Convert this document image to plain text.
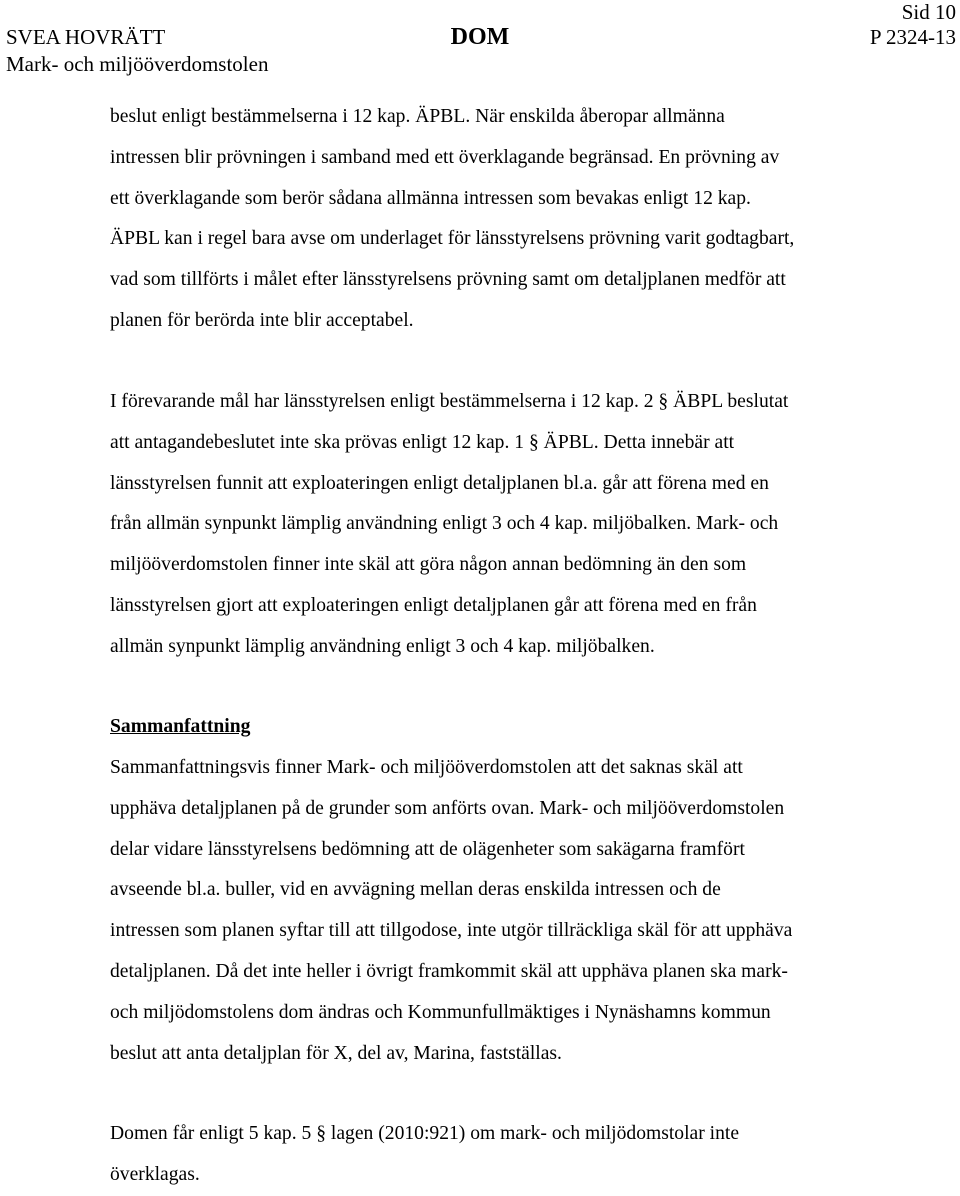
SVEA HOVRÄTT
Mark- och miljööverdomstolen
DOM
Sid 10
P 2324-13

beslut enligt bestämmelserna i 12 kap. ÄPBL. När enskilda åberopar allmänna
intressen blir prövningen i samband med ett överklagande begränsad. En prövning av
ett överklagande som berör sådana allmänna intressen som bevakas enligt 12 kap.
ÄPBL kan i regel bara avse om underlaget för länsstyrelsens prövning varit godtagbart,
vad som tillförts i målet efter länsstyrelsens prövning samt om detaljplanen medför att
planen för berörda inte blir acceptabel.

I förevarande mål har länsstyrelsen enligt bestämmelserna i 12 kap. 2 § ÄBPL beslutat
att antagandebeslutet inte ska prövas enligt 12 kap. 1 § ÄPBL. Detta innebär att
länsstyrelsen funnit att exploateringen enligt detaljplanen bl.a. går att förena med en
från allmän synpunkt lämplig användning enligt 3 och 4 kap. miljöbalken. Mark- och
miljööverdomstolen finner inte skäl att göra någon annan bedömning än den som
länsstyrelsen gjort att exploateringen enligt detaljplanen går att förena med en från
allmän synpunkt lämplig användning enligt 3 och 4 kap. miljöbalken.

Sammanfattning

Sammanfattningsvis finner Mark- och miljööverdomstolen att det saknas skäl att
upphäva detaljplanen på de grunder som anförts ovan. Mark- och miljööverdomstolen
delar vidare länsstyrelsens bedömning att de olägenheter som sakägarna framfört
avseende bl.a. buller, vid en avvägning mellan deras enskilda intressen och de
intressen som planen syftar till att tillgodose, inte utgör tillräckliga skäl för att upphäva
detaljplanen. Då det inte heller i övrigt framkommit skäl att upphäva planen ska mark-
och miljödomstolens dom ändras och Kommunfullmäktiges i Nynäshamns kommun
beslut att anta detaljplan för X, del av, Marina, fastställas.

Domen får enligt 5 kap. 5 § lagen (2010:921) om mark- och miljödomstolar inte
överklagas.
